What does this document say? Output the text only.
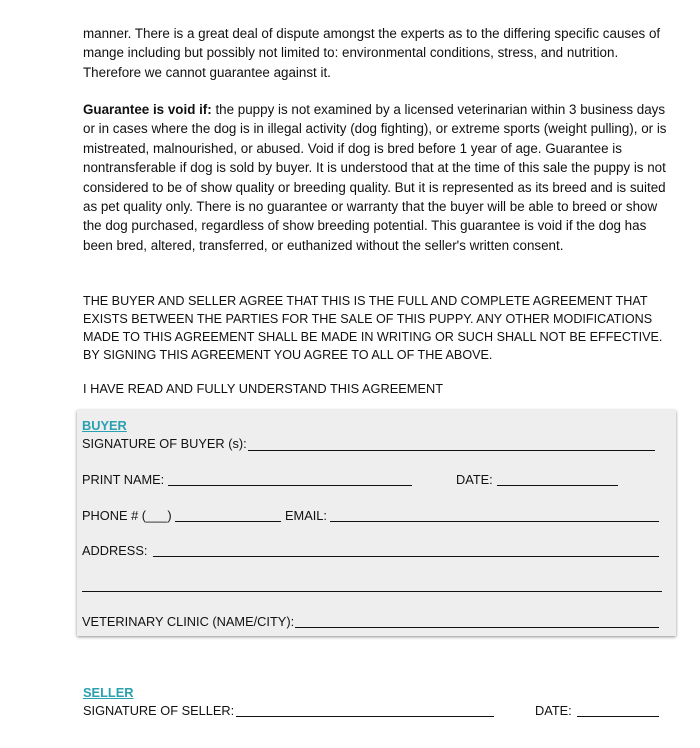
manner. There is a great deal of dispute amongst the experts as to the differing specific causes of mange including but possibly not limited to: environmental conditions, stress, and nutrition. Therefore we cannot guarantee against it.

Guarantee is void if: the puppy is not examined by a licensed veterinarian within 3 business days or in cases where the dog is in illegal activity (dog fighting), or extreme sports (weight pulling), or is mistreated, malnourished, or abused. Void if dog is bred before 1 year of age. Guarantee is nontransferable if dog is sold by buyer. It is understood that at the time of this sale the puppy is not considered to be of show quality or breeding quality. But it is represented as its breed and is suited as pet quality only. There is no guarantee or warranty that the buyer will be able to breed or show the dog purchased, regardless of show breeding potential. This guarantee is void if the dog has been bred, altered, transferred, or euthanized without the seller's written consent.

THE BUYER AND SELLER AGREE THAT THIS IS THE FULL AND COMPLETE AGREEMENT THAT EXISTS BETWEEN THE PARTIES FOR THE SALE OF THIS PUPPY. ANY OTHER MODIFICATIONS MADE TO THIS AGREEMENT SHALL BE MADE IN WRITING OR SUCH SHALL NOT BE EFFECTIVE. BY SIGNING THIS AGREEMENT YOU AGREE TO ALL OF THE ABOVE.

I HAVE READ AND FULLY UNDERSTAND THIS AGREEMENT
BUYER
SIGNATURE OF BUYER (s):
PRINT NAME:	DATE:
PHONE # (___)	EMAIL:
ADDRESS:
VETERINARY CLINIC (NAME/CITY):
SELLER
SIGNATURE OF SELLER:	DATE:
